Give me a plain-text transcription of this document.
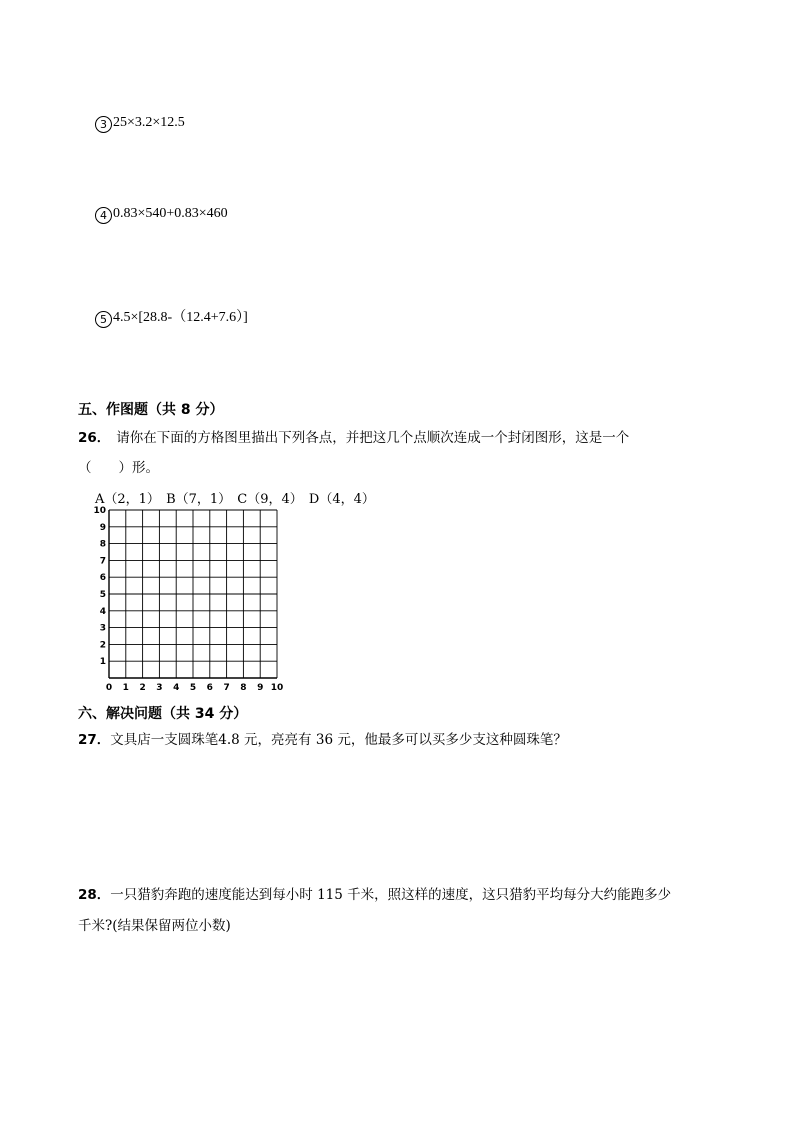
3 25×3.2×12.5
4 0.83×540+0.83×460
5 4.5×[28.8-（12.4+7.6）]
五、作图题（共 8 分）
26． 请你在下面的方格图里描出下列各点，并把这几个点顺次连成一个封闭图形，这是一个
（　　）形。
A（2，1） B（7，1） C（9，4） D（4，4）
1
2
3
4
5
6
7
8
9
10
0 1 2 3 4 5 6 7 8 9 10
六、解决问题（共 34 分）
27．文具店一支圆珠笔4.8 元，亮亮有 36 元，他最多可以买多少支这种圆珠笔？
28．一只猎豹奔跑的速度能达到每小时 115 千米，照这样的速度，这只猎豹平均每分大约能跑多少
千米?(结果保留两位小数)
